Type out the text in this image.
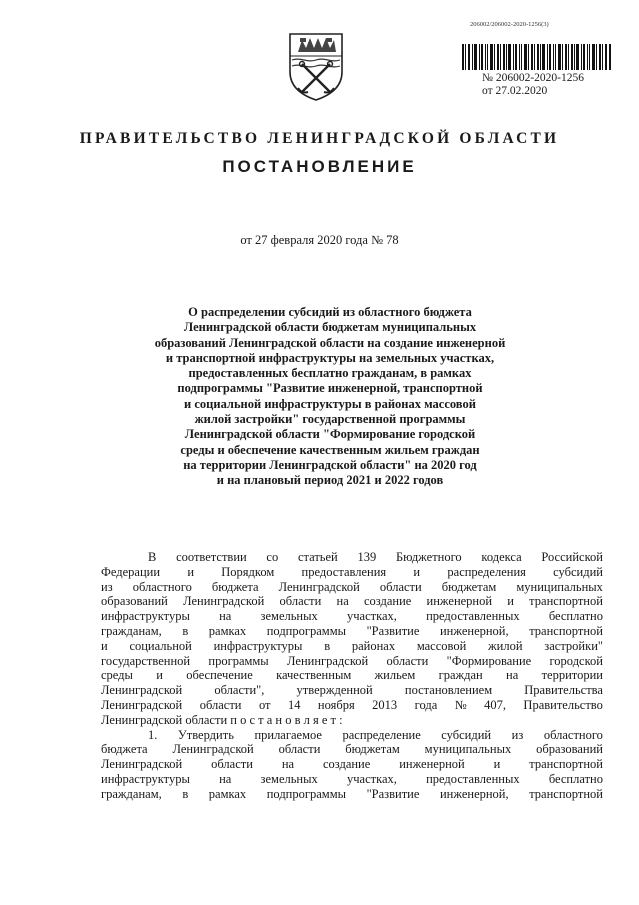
206002/206002-2020-1256(3)
№ 206002-2020-1256
от 27.02.2020
ПРАВИТЕЛЬСТВО ЛЕНИНГРАДСКОЙ ОБЛАСТИ
ПОСТАНОВЛЕНИЕ
от 27 февраля 2020 года № 78
О распределении субсидий из областного бюджета
Ленинградской области бюджетам муниципальных
образований Ленинградской области на создание инженерной
и транспортной инфраструктуры на земельных участках,
предоставленных бесплатно гражданам, в рамках
подпрограммы "Развитие инженерной, транспортной
и социальной инфраструктуры в районах массовой
жилой застройки" государственной программы
Ленинградской области "Формирование городской
среды и обеспечение качественным жильем граждан
на территории Ленинградской области" на 2020 год
и на плановый период 2021 и 2022 годов
В соответствии со статьей 139 Бюджетного кодекса Российской
Федерации и Порядком предоставления и распределения субсидий
из областного бюджета Ленинградской области бюджетам муниципальных
образований Ленинградской области на создание инженерной и транспортной
инфраструктуры на земельных участках, предоставленных бесплатно
гражданам, в рамках подпрограммы "Развитие инженерной, транспортной
и социальной инфраструктуры в районах массовой жилой застройки"
государственной программы Ленинградской области "Формирование городской
среды и обеспечение качественным жильем граждан на территории
Ленинградской	области",	утвержденной	постановлением	Правительства
Ленинградской области от 14 ноября 2013 года № 407, Правительство
Ленинградской области п о с т а н о в л я е т :
1. Утвердить прилагаемое распределение субсидий из областного
бюджета Ленинградской области бюджетам муниципальных образований
Ленинградской области на создание инженерной и транспортной
инфраструктуры на земельных участках, предоставленных бесплатно
гражданам, в рамках подпрограммы "Развитие инженерной, транспортной
